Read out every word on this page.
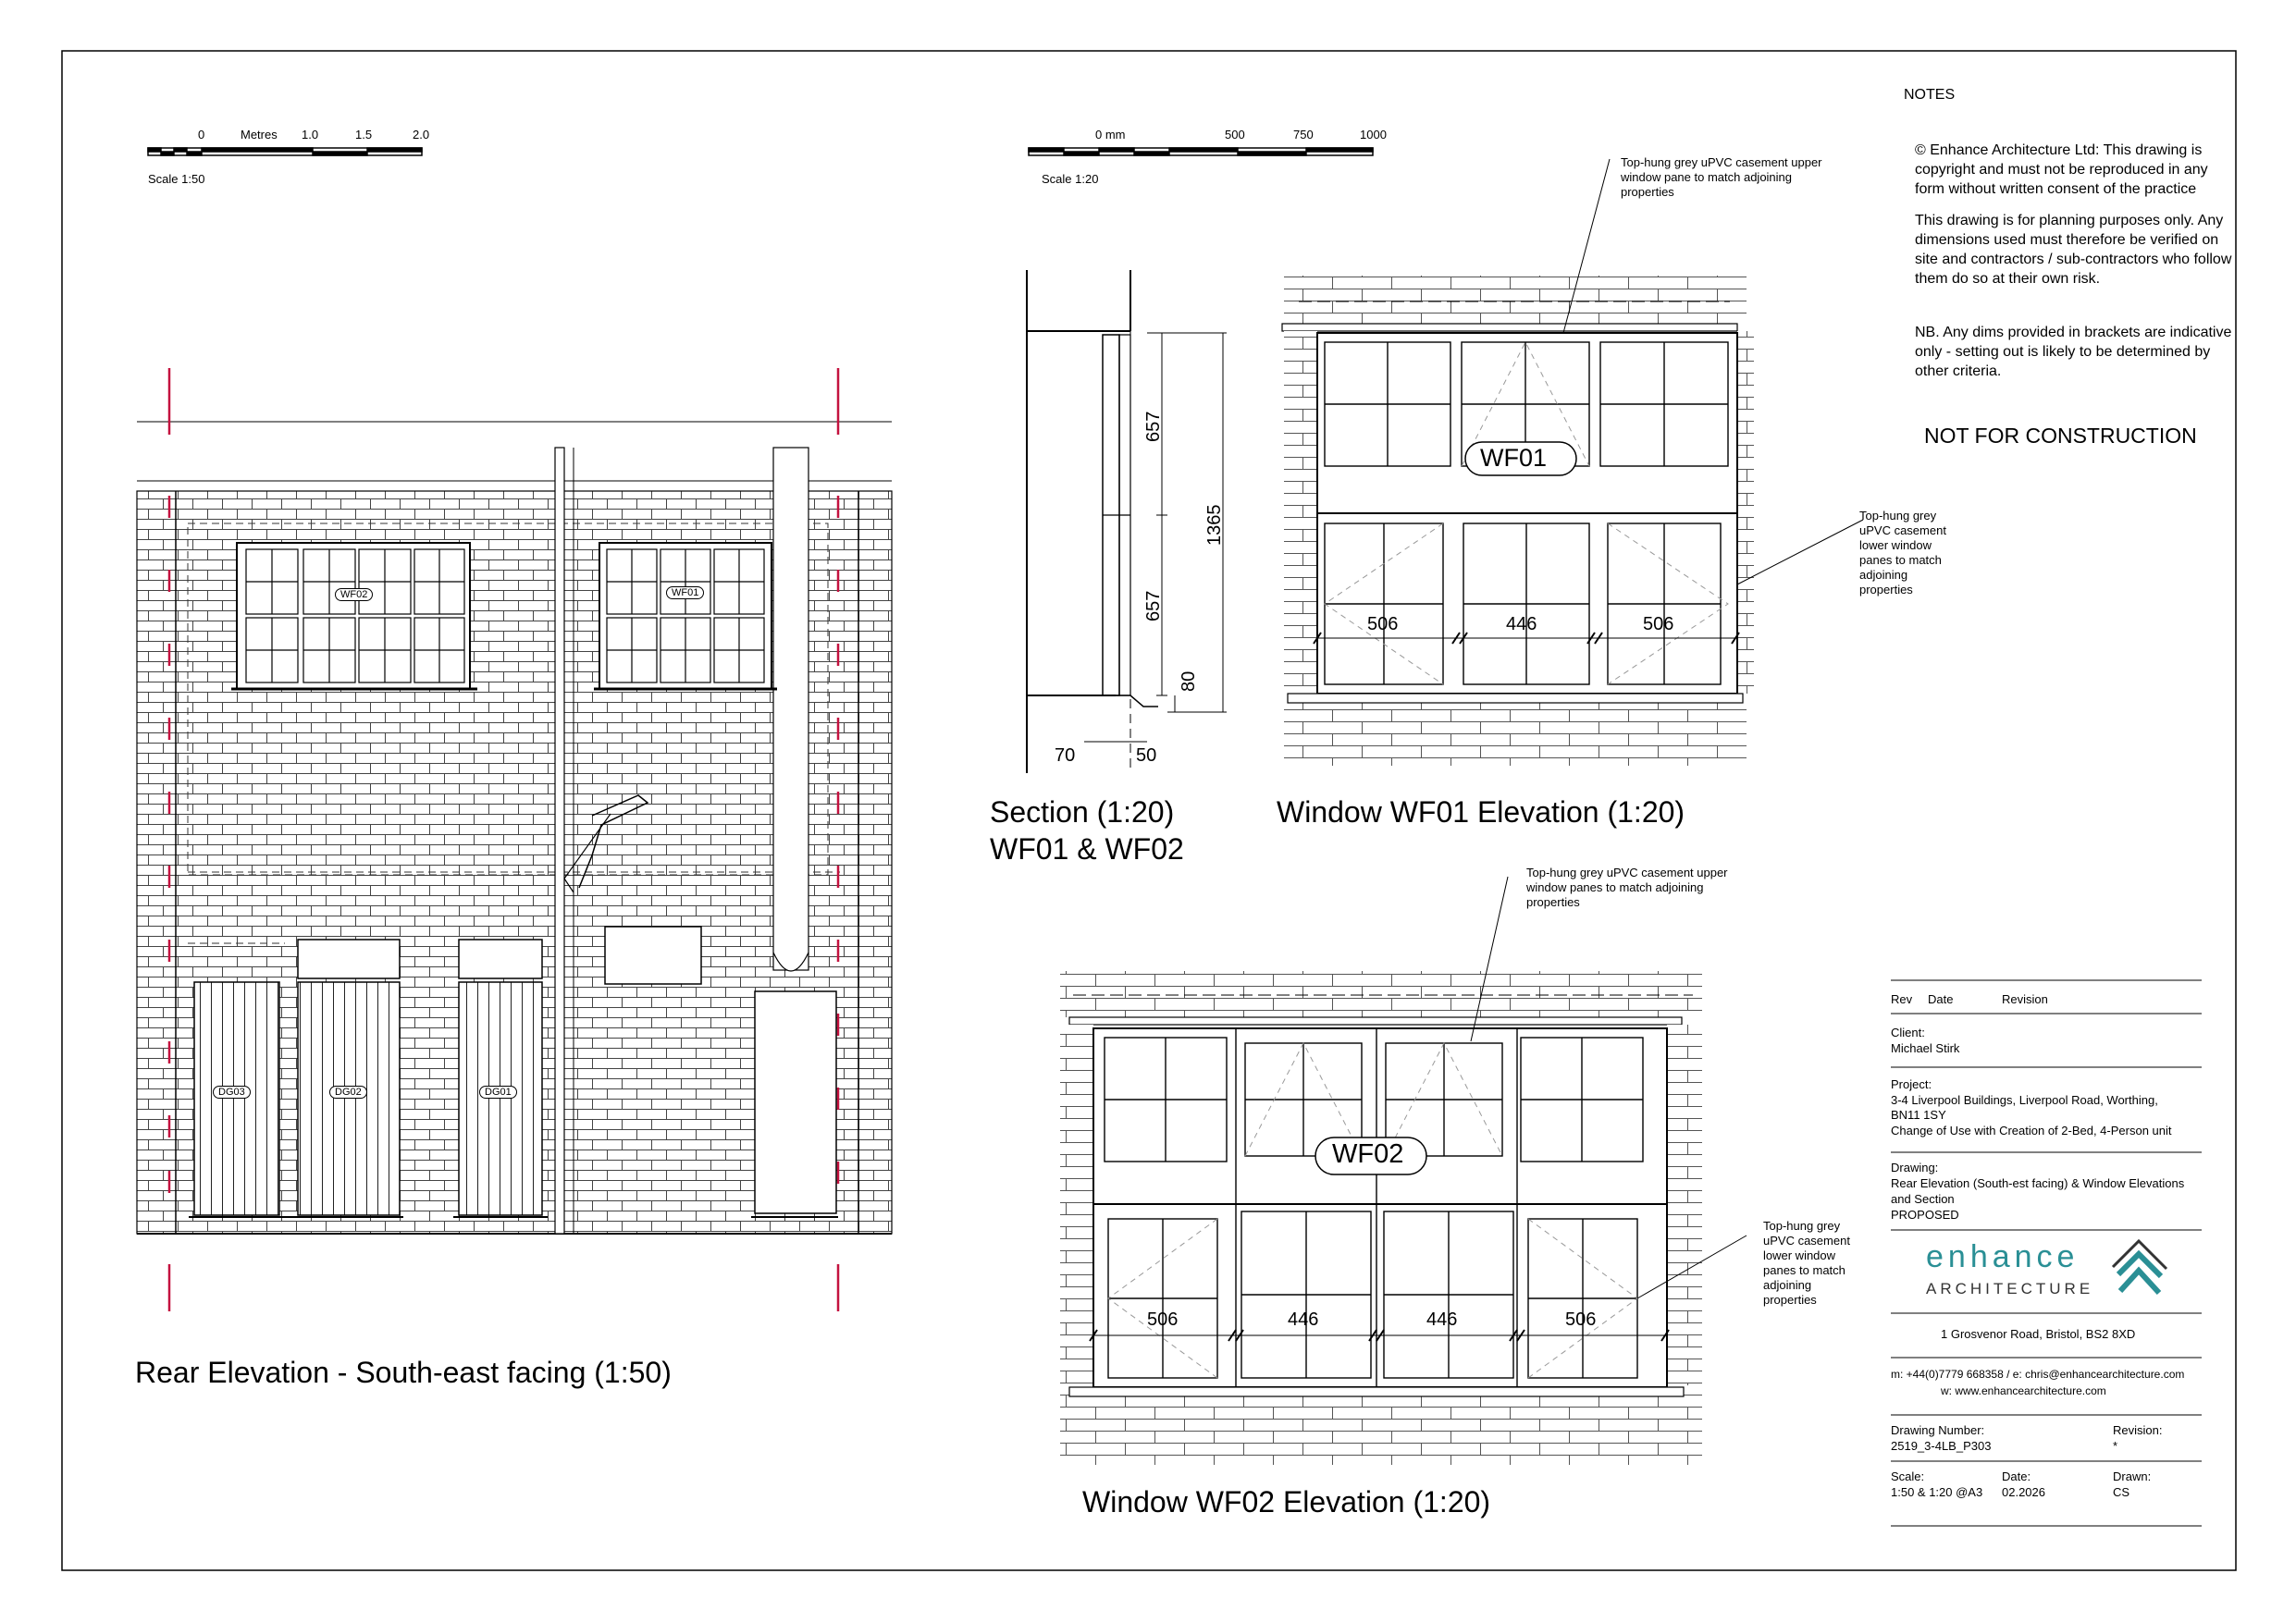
0	Metres 1.0	1.5	2.0
Scale 1:50
0 mm	500	750	1000
Scale 1:20
NOTES
© Enhance Architecture Ltd: This drawing is copyright and must not be reproduced in any form without written consent of the practice
This drawing is for planning purposes only. Any dimensions used must therefore be verified on site and contractors / sub-contractors who follow them do so at their own risk.
NB. Any dims provided in brackets are indicative only - setting out is likely to be determined by other criteria.
NOT FOR CONSTRUCTION
WF02	WF01
DG03	DG02	DG01
Rear Elevation - South-east facing (1:50)
657
657
1365
80
70	50
Section (1:20)
WF01 & WF02
WF01
506	446	506
Top-hung grey uPVC casement upper
window pane to match adjoining
properties
Top-hung grey
uPVC casement
lower window
panes to match
adjoining
properties
Window WF01 Elevation (1:20)
WF02
506	446	446	506
Top-hung grey uPVC casement upper
window panes to match adjoining
properties
Top-hung grey
uPVC casement
lower window
panes to match
adjoining
properties
Window WF02 Elevation (1:20)
Rev Date	Revision
Client:
Michael Stirk
Project:
3-4 Liverpool Buildings, Liverpool Road, Worthing,
BN11 1SY
Change of Use with Creation of 2-Bed, 4-Person unit
Drawing:
Rear Elevation (South-est facing) & Window Elevations
and Section
PROPOSED
enhance
ARCHITECTURE
1 Grosvenor Road, Bristol, BS2 8XD
m: +44(0)7779 668358 / e: chris@enhancearchitecture.com
w: www.enhancearchitecture.com
Drawing Number:
2519_3-4LB_P303
Revision:
*
Scale:
1:50 & 1:20 @A3
Date:
02.2026
Drawn:
CS
